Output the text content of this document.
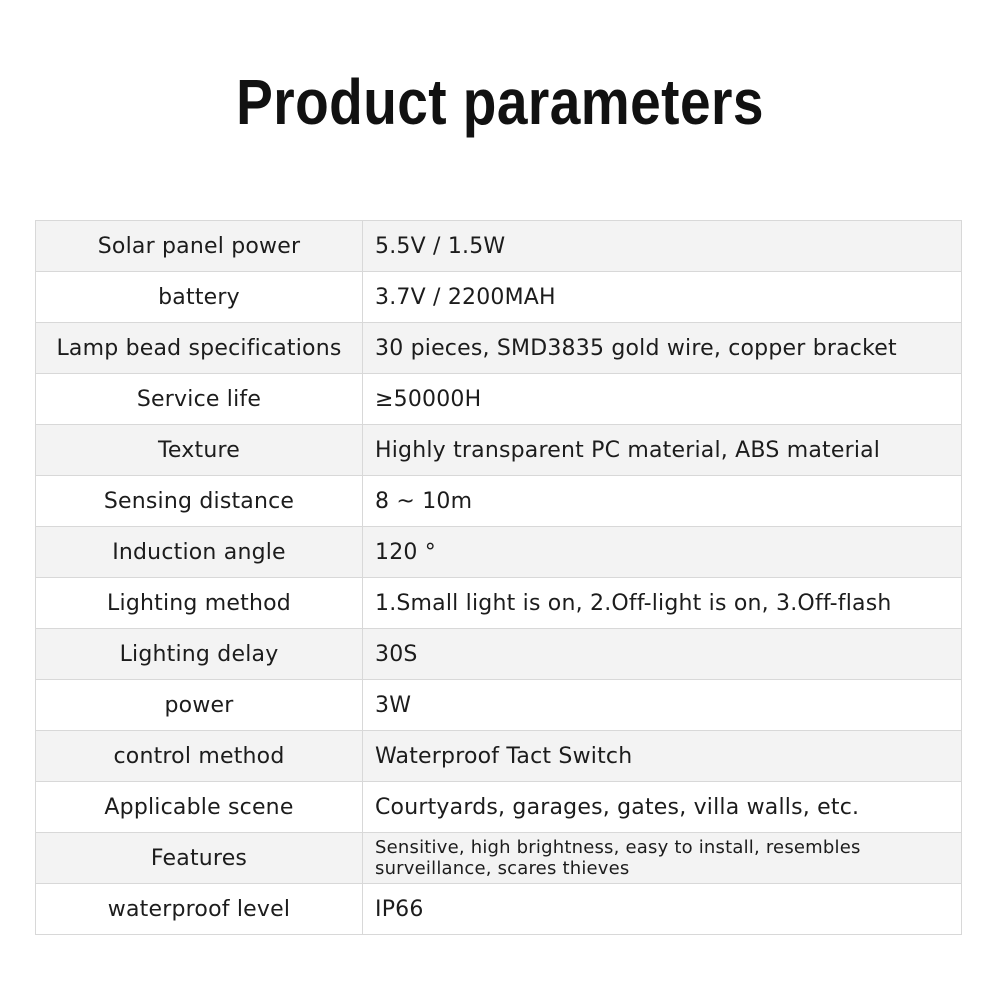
Product parameters
Solar panel power	5.5V / 1.5W
battery	3.7V / 2200MAH
Lamp bead specifications	30 pieces, SMD3835 gold wire, copper bracket
Service life	≥50000H
Texture	Highly transparent PC material, ABS material
Sensing distance	8 ~ 10m
Induction angle	120 °
Lighting method	1.Small light is on, 2.Off-light is on, 3.Off-flash
Lighting delay	30S
power	3W
control method	Waterproof Tact Switch
Applicable scene	Courtyards, garages, gates, villa walls, etc.
Features	Sensitive, high brightness, easy to install, resembles surveillance, scares thieves
waterproof level	IP66
